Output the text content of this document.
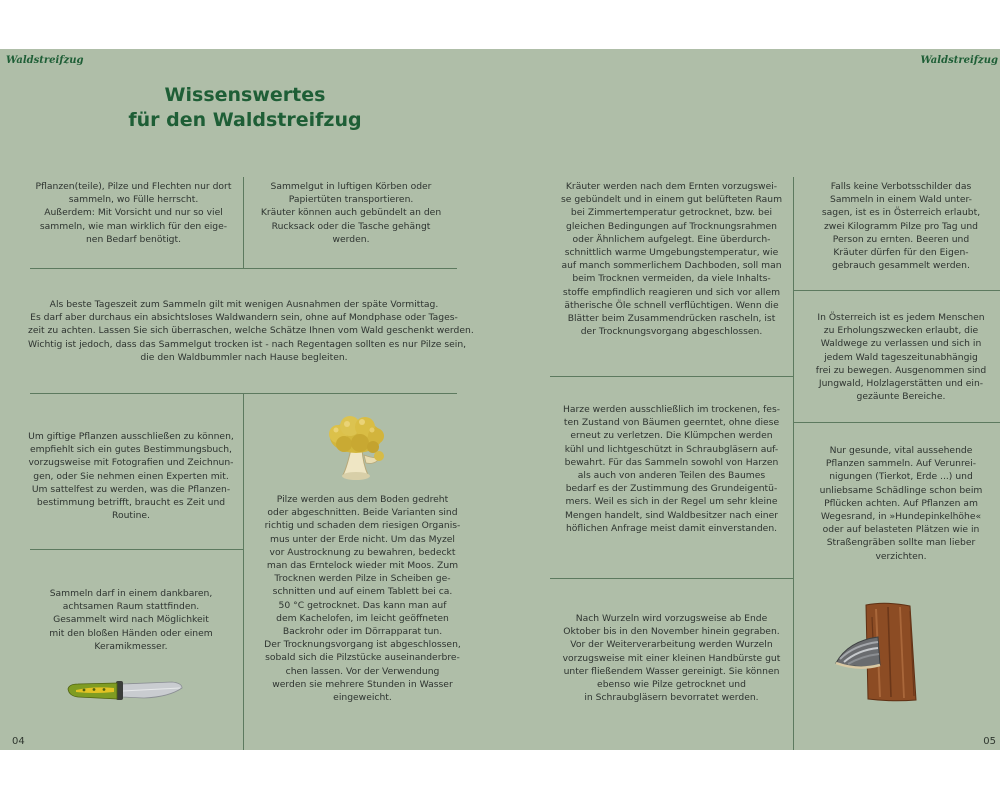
Waldstreifzug
Wissenswertes
für den Waldstreifzug
Pflanzen(teile), Pilze und Flechten nur dort
sammeln, wo Fülle herrscht.
Außerdem: Mit Vorsicht und nur so viel
sammeln, wie man wirklich für den eige-
nen Bedarf benötigt.
Sammelgut in luftigen Körben oder
Papiertüten transportieren.
Kräuter können auch gebündelt an den
Rucksack oder die Tasche gehängt
werden.
Als beste Tageszeit zum Sammeln gilt mit wenigen Ausnahmen der späte Vormittag.
Es darf aber durchaus ein absichtsloses Waldwandern sein, ohne auf Mondphase oder Tages-
zeit zu achten. Lassen Sie sich überraschen, welche Schätze Ihnen vom Wald geschenkt werden.
Wichtig ist jedoch, dass das Sammelgut trocken ist - nach Regentagen sollten es nur Pilze sein,
die den Waldbummler nach Hause begleiten.
Um giftige Pflanzen ausschließen zu können,
empfiehlt sich ein gutes Bestimmungsbuch,
vorzugsweise mit Fotografien und Zeichnun-
gen, oder Sie nehmen einen Experten mit.
Um sattelfest zu werden, was die Pflanzen-
bestimmung betrifft, braucht es Zeit und
Routine.
Sammeln darf in einem dankbaren,
achtsamen Raum stattfinden.
Gesammelt wird nach Möglichkeit
mit den bloßen Händen oder einem
Keramikmesser.
Pilze werden aus dem Boden gedreht
oder abgeschnitten. Beide Varianten sind
richtig und schaden dem riesigen Organis-
mus unter der Erde nicht. Um das Myzel
vor Austrocknung zu bewahren, bedeckt
man das Erntelock wieder mit Moos. Zum
Trocknen werden Pilze in Scheiben ge-
schnitten und auf einem Tablett bei ca.
50 °C getrocknet. Das kann man auf
dem Kachelofen, im leicht geöffneten
Backrohr oder im Dörrapparat tun.
Der Trocknungsvorgang ist abgeschlossen,
sobald sich die Pilzstücke auseinanderbre-
chen lassen. Vor der Verwendung
werden sie mehrere Stunden in Wasser
eingeweicht.
04
Waldstreifzug
Kräuter werden nach dem Ernten vorzugswei-
se gebündelt und in einem gut belüfteten Raum
bei Zimmertemperatur getrocknet, bzw. bei
gleichen Bedingungen auf Trocknungsrahmen
oder Ähnlichem aufgelegt. Eine überdurch-
schnittlich warme Umgebungstemperatur, wie
auf manch sommerlichem Dachboden, soll man
beim Trocknen vermeiden, da viele Inhalts-
stoffe empfindlich reagieren und sich vor allem
ätherische Öle schnell verflüchtigen. Wenn die
Blätter beim Zusammendrücken rascheln, ist
der Trocknungsvorgang abgeschlossen.
Falls keine Verbotsschilder das
Sammeln in einem Wald unter-
sagen, ist es in Österreich erlaubt,
zwei Kilogramm Pilze pro Tag und
Person zu ernten. Beeren und
Kräuter dürfen für den Eigen-
gebrauch gesammelt werden.
In Österreich ist es jedem Menschen
zu Erholungszwecken erlaubt, die
Waldwege zu verlassen und sich in
jedem Wald tageszeitunabhängig
frei zu bewegen. Ausgenommen sind
Jungwald, Holzlagerstätten und ein-
gezäunte Bereiche.
Harze werden ausschließlich im trockenen, fes-
ten Zustand von Bäumen geerntet, ohne diese
erneut zu verletzen. Die Klümpchen werden
kühl und lichtgeschützt in Schraubgläsern auf-
bewahrt. Für das Sammeln sowohl von Harzen
als auch von anderen Teilen des Baumes
bedarf es der Zustimmung des Grundeigentü-
mers. Weil es sich in der Regel um sehr kleine
Mengen handelt, sind Waldbesitzer nach einer
höflichen Anfrage meist damit einverstanden.
Nur gesunde, vital aussehende
Pflanzen sammeln. Auf Verunrei-
nigungen (Tierkot, Erde ...) und
unliebsame Schädlinge schon beim
Pflücken achten. Auf Pflanzen am
Wegesrand, in »Hundepinkelhöhe«
oder auf belasteten Plätzen wie in
Straßengräben sollte man lieber
verzichten.
Nach Wurzeln wird vorzugsweise ab Ende
Oktober bis in den November hinein gegraben.
Vor der Weiterverarbeitung werden Wurzeln
vorzugsweise mit einer kleinen Handbürste gut
unter fließendem Wasser gereinigt. Sie können
ebenso wie Pilze getrocknet und
in Schraubgläsern bevorratet werden.
05
